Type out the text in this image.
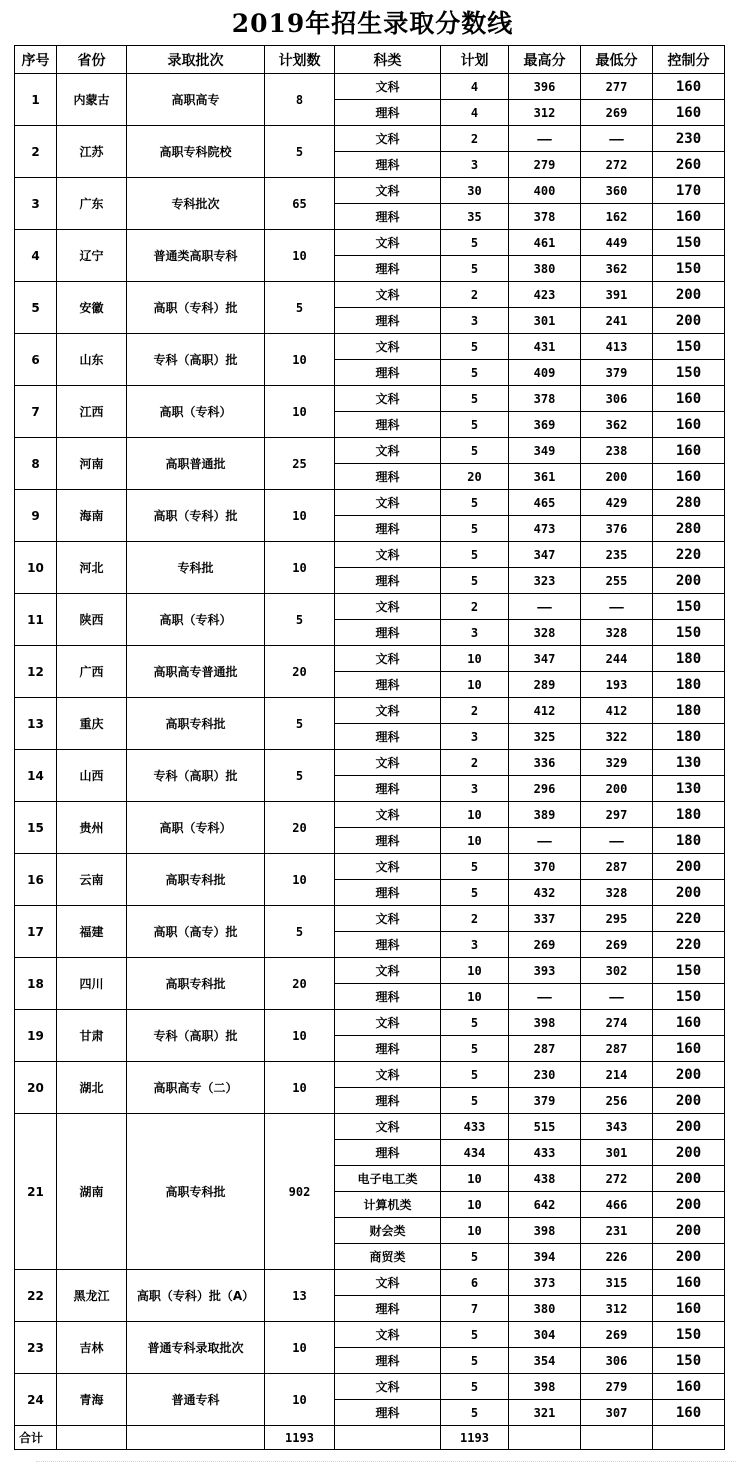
2019年招生录取分数线
序号	省份	录取批次	计划数	科类	计划	最高分	最低分	控制分
1	内蒙古	高职高专	8	文科	4	396	277	160
				理科	4	312	269	160
2	江苏	高职专科院校	5	文科	2	——	——	230
				理科	3	279	272	260
3	广东	专科批次	65	文科	30	400	360	170
				理科	35	378	162	160
4	辽宁	普通类高职专科	10	文科	5	461	449	150
				理科	5	380	362	150
5	安徽	高职（专科）批	5	文科	2	423	391	200
				理科	3	301	241	200
6	山东	专科（高职）批	10	文科	5	431	413	150
				理科	5	409	379	150
7	江西	高职（专科）	10	文科	5	378	306	160
				理科	5	369	362	160
8	河南	高职普通批	25	文科	5	349	238	160
				理科	20	361	200	160
9	海南	高职（专科）批	10	文科	5	465	429	280
				理科	5	473	376	280
10	河北	专科批	10	文科	5	347	235	220
				理科	5	323	255	200
11	陕西	高职（专科）	5	文科	2	——	——	150
				理科	3	328	328	150
12	广西	高职高专普通批	20	文科	10	347	244	180
				理科	10	289	193	180
13	重庆	高职专科批	5	文科	2	412	412	180
				理科	3	325	322	180
14	山西	专科（高职）批	5	文科	2	336	329	130
				理科	3	296	200	130
15	贵州	高职（专科）	20	文科	10	389	297	180
				理科	10	——	——	180
16	云南	高职专科批	10	文科	5	370	287	200
				理科	5	432	328	200
17	福建	高职（高专）批	5	文科	2	337	295	220
				理科	3	269	269	220
18	四川	高职专科批	20	文科	10	393	302	150
				理科	10	——	——	150
19	甘肃	专科（高职）批	10	文科	5	398	274	160
				理科	5	287	287	160
20	湖北	高职高专（二）	10	文科	5	230	214	200
				理科	5	379	256	200
21	湖南	高职专科批	902	文科	433	515	343	200
				理科	434	433	301	200
				电子电工类	10	438	272	200
				计算机类	10	642	466	200
				财会类	10	398	231	200
				商贸类	5	394	226	200
22	黑龙江	高职（专科）批（A）	13	文科	6	373	315	160
				理科	7	380	312	160
23	吉林	普通专科录取批次	10	文科	5	304	269	150
				理科	5	354	306	150
24	青海	普通专科	10	文科	5	398	279	160
				理科	5	321	307	160
合计			1193		1193			
